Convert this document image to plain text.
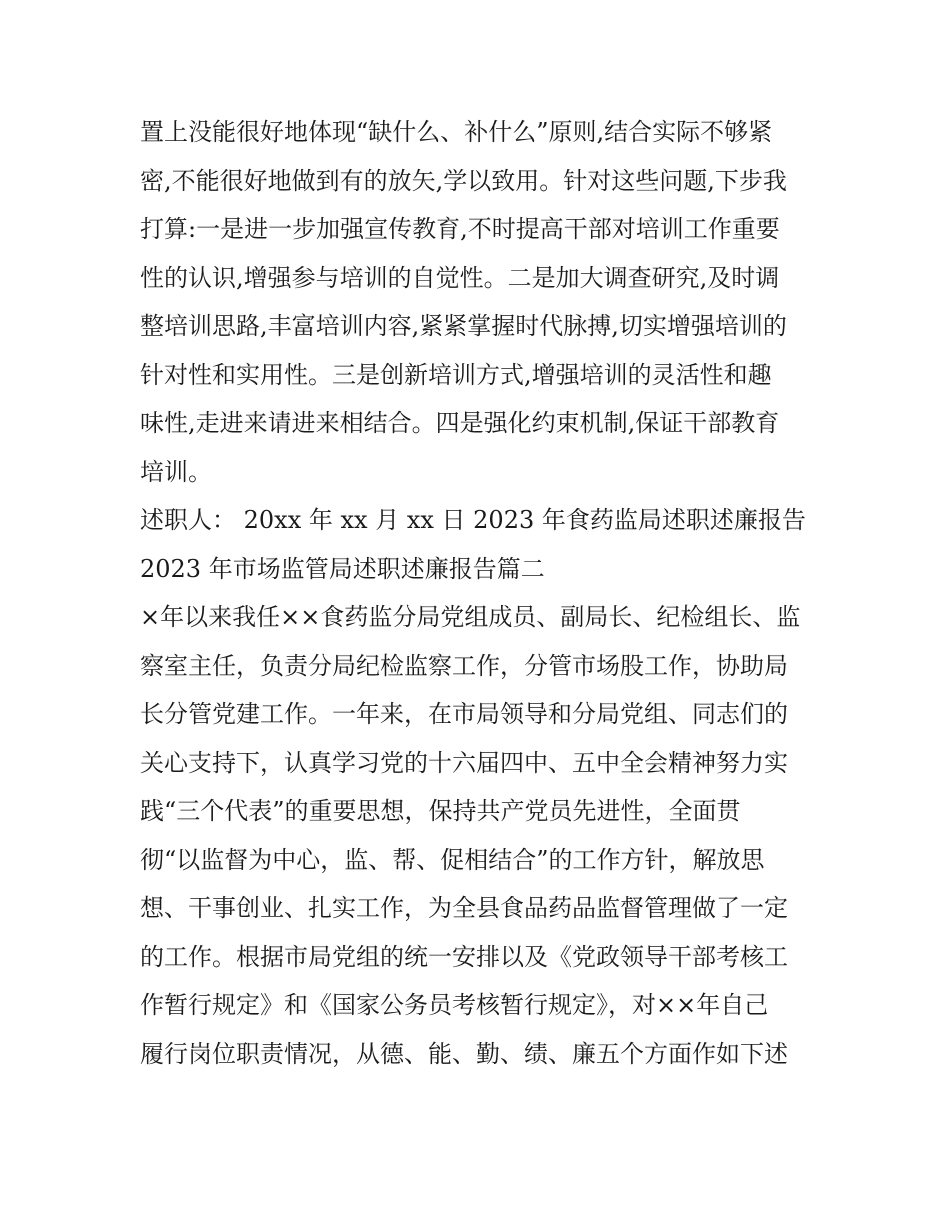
置上没能很好地体现“缺什么、补什么”原则,结合实际不够紧

密,不能很好地做到有的放矢,学以致用。针对这些问题,下步我

打算:一是进一步加强宣传教育,不时提高干部对培训工作重要

性的认识,增强参与培训的自觉性。二是加大调查研究,及时调

整培训思路,丰富培训内容,紧紧掌握时代脉搏,切实增强培训的

针对性和实用性。三是创新培训方式,增强培训的灵活性和趣

味性,走进来请进来相结合。四是强化约束机制,保证干部教育

培训。

述职人： 20xx 年 xx 月 xx 日 2023 年食药监局述职述廉报告

2023 年市场监管局述职述廉报告篇二

×年以来我任××食药监分局党组成员、副局长、纪检组长、监

察室主任，负责分局纪检监察工作，分管市场股工作，协助局

长分管党建工作。一年来，在市局领导和分局党组、同志们的

关心支持下，认真学习党的十六届四中、五中全会精神努力实

践“三个代表”的重要思想，保持共产党员先进性，全面贯

彻“以监督为中心，监、帮、促相结合”的工作方针，解放思

想、干事创业、扎实工作，为全县食品药品监督管理做了一定

的工作。根据市局党组的统一安排以及《党政领导干部考核工

作暂行规定》和《国家公务员考核暂行规定》，对××年自己

履行岗位职责情况，从德、能、勤、绩、廉五个方面作如下述
